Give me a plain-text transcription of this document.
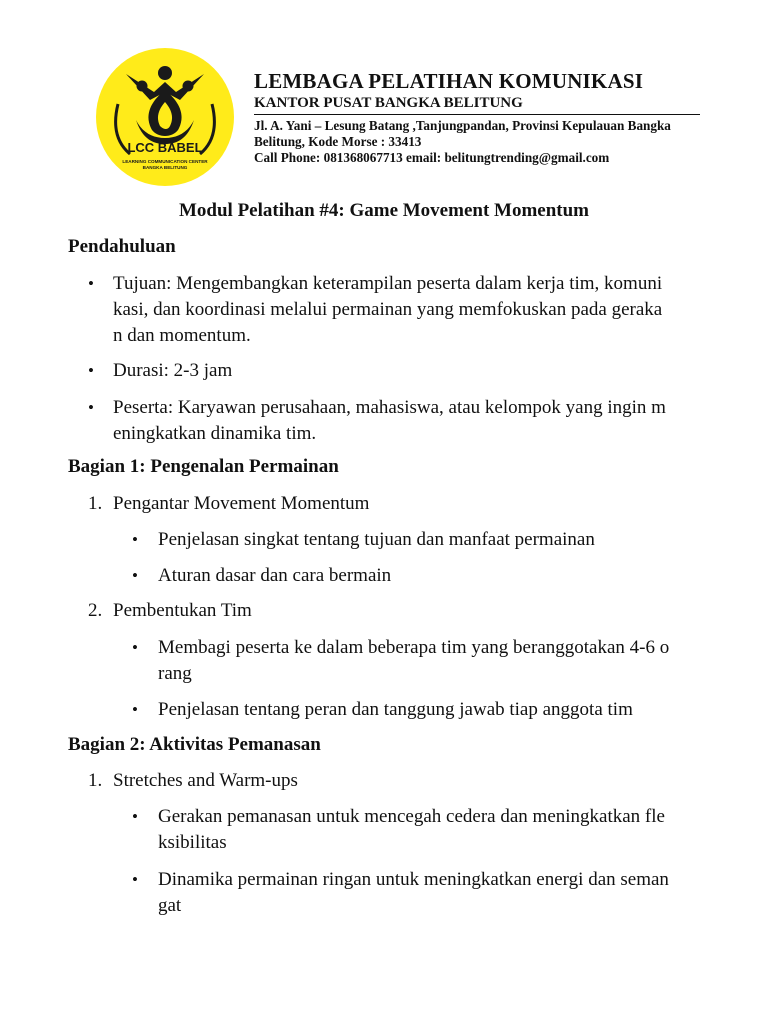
LCC BABEL
LEARNING COMMUNICATION CENTER
BANGKA BELITUNG
LEMBAGA PELATIHAN KOMUNIKASI
KANTOR PUSAT BANGKA BELITUNG
Jl. A. Yani – Lesung Batang ,Tanjungpandan, Provinsi Kepulauan Bangka
Belitung, Kode Morse : 33413
Call Phone: 081368067713 email: belitungtrending@gmail.com
Modul Pelatihan #4: Game Movement Momentum
Pendahuluan
• Tujuan: Mengembangkan keterampilan peserta dalam kerja tim, komuni
kasi, dan koordinasi melalui permainan yang memfokuskan pada geraka
n dan momentum.
• Durasi: 2-3 jam
• Peserta: Karyawan perusahaan, mahasiswa, atau kelompok yang ingin m
eningkatkan dinamika tim.
Bagian 1: Pengenalan Permainan
1. Pengantar Movement Momentum
• Penjelasan singkat tentang tujuan dan manfaat permainan
• Aturan dasar dan cara bermain
2. Pembentukan Tim
• Membagi peserta ke dalam beberapa tim yang beranggotakan 4-6 o
rang
• Penjelasan tentang peran dan tanggung jawab tiap anggota tim
Bagian 2: Aktivitas Pemanasan
1. Stretches and Warm-ups
• Gerakan pemanasan untuk mencegah cedera dan meningkatkan fle
ksibilitas
• Dinamika permainan ringan untuk meningkatkan energi dan seman
gat
